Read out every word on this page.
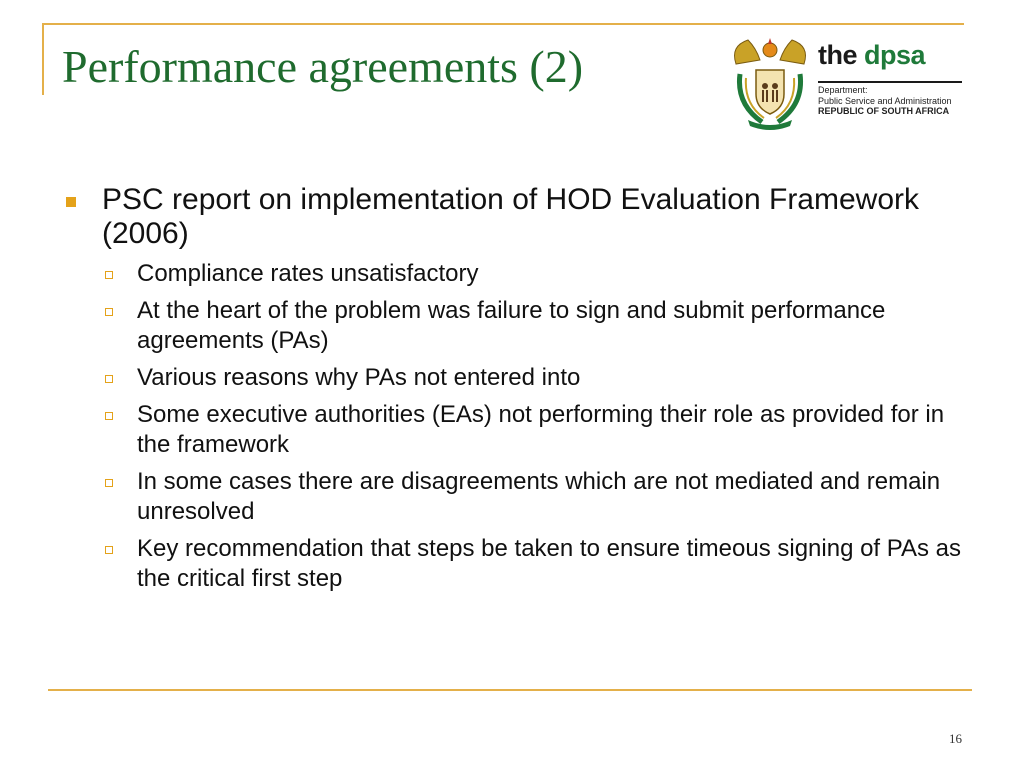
Performance agreements (2)	the dpsa
Department:
Public Service and Administration
REPUBLIC OF SOUTH AFRICA
PSC report on implementation of HOD Evaluation Framework (2006)
Compliance rates unsatisfactory
At the heart of the problem was failure to sign and submit performance agreements (PAs)
Various reasons why PAs not entered into
Some executive authorities (EAs) not performing their role as provided for in the framework
In some cases there are disagreements which are not mediated and remain unresolved
Key recommendation that steps be taken to ensure timeous signing of PAs as the critical first step
16
